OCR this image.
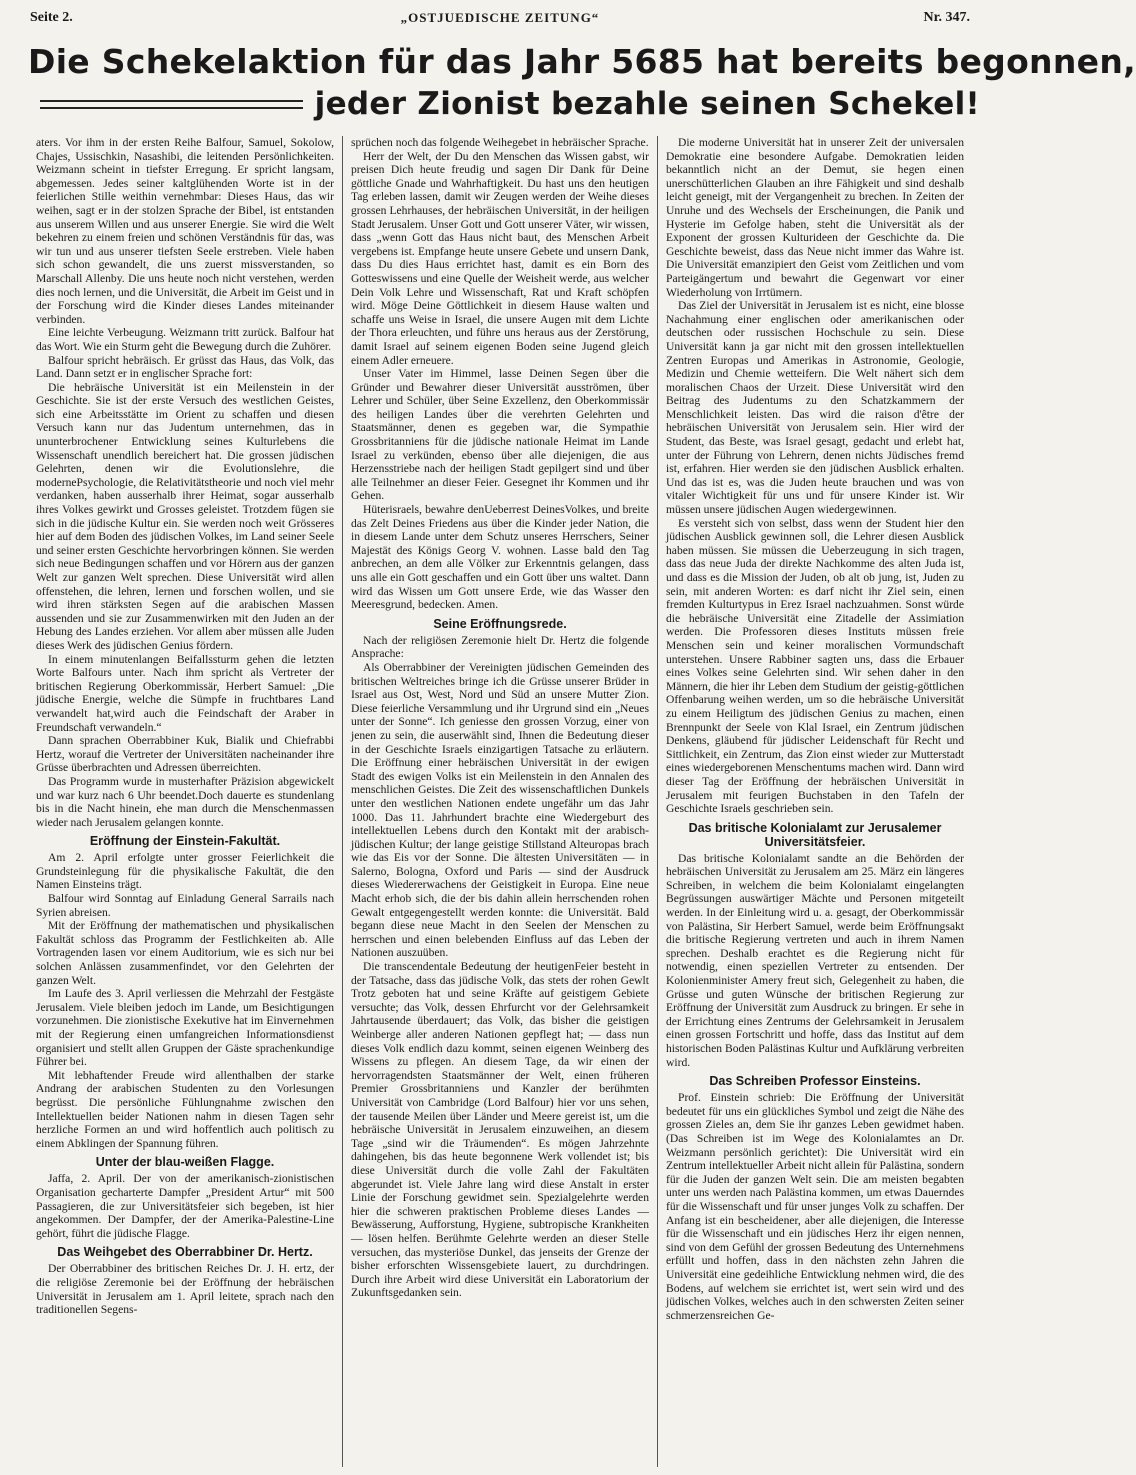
Seite 2.	„OSTJUEDISCHE ZEITUNG“	Nr. 347.
Die Schekelaktion für das Jahr 5685 hat bereits begonnen,
jeder Zionist bezahle seinen Schekel!

aters. Vor ihm in der ersten Reihe Balfour, Samuel, Sokolow, Chajes, Ussischkin, Nasashibi, die leitenden Persönlichkeiten. Weizmann scheint in tiefster Erregung. Er spricht langsam, abgemessen. Jedes seiner kaltglühenden Worte ist in der feierlichen Stille weithin vernehmbar: Dieses Haus, das wir weihen, sagt er in der stolzen Sprache der Bibel, ist entstanden aus unserem Willen und aus unserer Energie. Sie wird die Welt bekehren zu einem freien und schönen Verständnis für das, was wir tun und aus unserer tiefsten Seele erstreben. Viele haben sich schon gewandelt, die uns zuerst missverstanden, so Marschall Allenby. Die uns heute noch nicht verstehen, werden dies noch lernen, und die Universität, die Arbeit im Geist und in der Forschung wird die Kinder dieses Landes miteinander verbinden.

Eine leichte Verbeugung. Weizmann tritt zurück. Balfour hat das Wort. Wie ein Sturm geht die Bewegung durch die Zuhörer.

Balfour spricht hebräisch. Er grüsst das Haus, das Volk, das Land. Dann setzt er in englischer Sprache fort:

Die hebräische Universität ist ein Meilenstein in der Geschichte. Sie ist der erste Versuch des westlichen Geistes, sich eine Arbeitsstätte im Orient zu schaffen und diesen Versuch kann nur das Judentum unternehmen, das in ununterbrochener Entwicklung seines Kulturlebens die Wissenschaft unendlich bereichert hat. Die grossen jüdischen Gelehrten, denen wir die Evolutionslehre, die modernePsychologie, die Relativitätstheorie und noch viel mehr verdanken, haben ausserhalb ihrer Heimat, sogar ausserhalb ihres Volkes gewirkt und Grosses geleistet. Trotzdem fügen sie sich in die jüdische Kultur ein. Sie werden noch weit Grösseres hier auf dem Boden des jüdischen Volkes, im Land seiner Seele und seiner ersten Geschichte hervorbringen können. Sie werden sich neue Bedingungen schaffen und vor Hörern aus der ganzen Welt zur ganzen Welt sprechen. Diese Universität wird allen offenstehen, die lehren, lernen und forschen wollen, und sie wird ihren stärksten Segen auf die arabischen Massen aussenden und sie zur Zusammenwirken mit den Juden an der Hebung des Landes erziehen. Vor allem aber müssen alle Juden dieses Werk des jüdischen Genius fördern.

In einem minutenlangen Beifallssturm gehen die letzten Worte Balfours unter. Nach ihm spricht als Vertreter der britischen Regierung Oberkommissär, Herbert Samuel: „Die jüdische Energie, welche die Sümpfe in fruchtbares Land verwandelt hat,wird auch die Feindschaft der Araber in Freundschaft verwandeln.“

Dann sprachen Oberrabbiner Kuk, Bialik und Chiefrabbi Hertz, worauf die Vertreter der Universitäten nacheinander ihre Grüsse überbrachten und Adressen überreichten.

Das Programm wurde in musterhafter Präzision abgewickelt und war kurz nach 6 Uhr beendet.Doch dauerte es stundenlang bis in die Nacht hinein, ehe man durch die Menschenmassen wieder nach Jerusalem gelangen konnte.

Eröffnung der Einstein-Fakultät.

Am 2. April erfolgte unter grosser Feierlichkeit die Grundsteinlegung für die physikalische Fakultät, die den Namen Einsteins trägt.

Balfour wird Sonntag auf Einladung General Sarrails nach Syrien abreisen.

Mit der Eröffnung der mathematischen und physikalischen Fakultät schloss das Programm der Festlichkeiten ab. Alle Vortragenden lasen vor einem Auditorium, wie es sich nur bei solchen Anlässen zusammenfindet, vor den Gelehrten der ganzen Welt.

Im Laufe des 3. April verliessen die Mehrzahl der Festgäste Jerusalem. Viele bleiben jedoch im Lande, um Besichtigungen vorzunehmen. Die zionistische Exekutive hat im Einvernehmen mit der Regierung einen umfangreichen Informationsdienst organisiert und stellt allen Gruppen der Gäste sprachenkundige Führer bei.

Mit lebhaftender Freude wird allenthalben der starke Andrang der arabischen Studenten zu den Vorlesungen begrüsst. Die persönliche Fühlungnahme zwischen den Intellektuellen beider Nationen nahm in diesen Tagen sehr herzliche Formen an und wird hoffentlich auch politisch zu einem Abklingen der Spannung führen.

Unter der blau-weißen Flagge.

Jaffa, 2. April. Der von der amerikanisch-zionistischen Organisation gecharterte Dampfer „President Artur“ mit 500 Passagieren, die zur Universitätsfeier sich begeben, ist hier angekommen. Der Dampfer, der der Amerika-Palestine-Line gehört, führt die jüdische Flagge.

Das Weihgebet des Oberrabbiner Dr. Hertz.

Der Oberrabbiner des britischen Reiches Dr. J. H. ertz, der die religiöse Zeremonie bei der Eröffnung der hebräischen Universität in Jerusalem am 1. April leitete, sprach nach den traditionellen Segens-

sprüchen noch das folgende Weihegebet in hebräischer Sprache.

Herr der Welt, der Du den Menschen das Wissen gabst, wir preisen Dich heute freudig und sagen Dir Dank für Deine göttliche Gnade und Wahrhaftigkeit. Du hast uns den heutigen Tag erleben lassen, damit wir Zeugen werden der Weihe dieses grossen Lehrhauses, der hebräischen Universität, in der heiligen Stadt Jerusalem. Unser Gott und Gott unserer Väter, wir wissen, dass „wenn Gott das Haus nicht baut, des Menschen Arbeit vergebens ist. Empfange heute unsere Gebete und unsern Dank, dass Du dies Haus errichtet hast, damit es ein Born des Gotteswissens und eine Quelle der Weisheit werde, aus welcher Dein Volk Lehre und Wissenschaft, Rat und Kraft schöpfen wird. Möge Deine Göttlichkeit in diesem Hause walten und schaffe uns Weise in Israel, die unsere Augen mit dem Lichte der Thora erleuchten, und führe uns heraus aus der Zerstörung, damit Israel auf seinem eigenen Boden seine Jugend gleich einem Adler erneuere.

Unser Vater im Himmel, lasse Deinen Segen über die Gründer und Bewahrer dieser Universität ausströmen, über Lehrer und Schüler, über Seine Exzellenz, den Oberkommissär des heiligen Landes über die verehrten Gelehrten und Staatsmänner, denen es gegeben war, die Sympathie Grossbritanniens für die jüdische nationale Heimat im Lande Israel zu verkünden, ebenso über alle diejenigen, die aus Herzensstriebe nach der heiligen Stadt gepilgert sind und über alle Teilnehmer an dieser Feier. Gesegnet ihr Kommen und ihr Gehen.

Hüterisraels, bewahre denUeberrest DeinesVolkes, und breite das Zelt Deines Friedens aus über die Kinder jeder Nation, die in diesem Lande unter dem Schutz unseres Herrschers, Seiner Majestät des Königs Georg V. wohnen. Lasse bald den Tag anbrechen, an dem alle Völker zur Erkenntnis gelangen, dass uns alle ein Gott geschaffen und ein Gott über uns waltet. Dann wird das Wissen um Gott unsere Erde, wie das Wasser den Meeresgrund, bedecken. Amen.

Seine Eröffnungsrede.

Nach der religiösen Zeremonie hielt Dr. Hertz die folgende Ansprache:

Als Oberrabbiner der Vereinigten jüdischen Gemeinden des britischen Weltreiches bringe ich die Grüsse unserer Brüder in Israel aus Ost, West, Nord und Süd an unsere Mutter Zion. Diese feierliche Versammlung und ihr Urgrund sind ein „Neues unter der Sonne“. Ich geniesse den grossen Vorzug, einer von jenen zu sein, die auserwählt sind, Ihnen die Bedeutung dieser in der Geschichte Israels einzigartigen Tatsache zu erläutern. Die Eröffnung einer hebräischen Universität in der ewigen Stadt des ewigen Volks ist ein Meilenstein in den Annalen des menschlichen Geistes. Die Zeit des wissenschaftlichen Dunkels unter den westlichen Nationen endete ungefähr um das Jahr 1000. Das 11. Jahrhundert brachte eine Wiedergeburt des intellektuellen Lebens durch den Kontakt mit der arabisch-jüdischen Kultur; der lange geistige Stillstand Alteuropas brach wie das Eis vor der Sonne. Die ältesten Universitäten — in Salerno, Bologna, Oxford und Paris — sind der Ausdruck dieses Wiedererwachens der Geistigkeit in Europa. Eine neue Macht erhob sich, die der bis dahin allein herrschenden rohen Gewalt entgegengestellt werden konnte: die Universität. Bald begann diese neue Macht in den Seelen der Menschen zu herrschen und einen belebenden Einfluss auf das Leben der Nationen auszuüben.

Die transcendentale Bedeutung der heutigenFeier besteht in der Tatsache, dass das jüdische Volk, das stets der rohen Gewlt Trotz geboten hat und seine Kräfte auf geistigem Gebiete versuchte; das Volk, dessen Ehrfurcht vor der Gelehrsamkeit Jahrtausende überdauert; das Volk, das bisher die geistigen Weinberge aller anderen Nationen gepflegt hat; — dass nun dieses Volk endlich dazu kommt, seinen eigenen Weinberg des Wissens zu pflegen. An diesem Tage, da wir einen der hervorragendsten Staatsmänner der Welt, einen früheren Premier Grossbritanniens und Kanzler der berühmten Universität von Cambridge (Lord Balfour) hier vor uns sehen, der tausende Meilen über Länder und Meere gereist ist, um die hebräische Universität in Jerusalem einzuweihen, an diesem Tage „sind wir die Träumenden“. Es mögen Jahrzehnte dahingehen, bis das heute begonnene Werk vollendet ist; bis diese Universität durch die volle Zahl der Fakultäten abgerundet ist. Viele Jahre lang wird diese Anstalt in erster Linie der Forschung gewidmet sein. Spezialgelehrte werden hier die schweren praktischen Probleme dieses Landes — Bewässerung, Aufforstung, Hygiene, subtropische Krankheiten — lösen helfen. Berühmte Gelehrte werden an dieser Stelle versuchen, das mysteriöse Dunkel, das jenseits der Grenze der bisher erforschten Wissensgebiete lauert, zu durchdringen. Durch ihre Arbeit wird diese Universität ein Laboratorium der Zukunftsgedanken sein.

Die moderne Universität hat in unserer Zeit der universalen Demokratie eine besondere Aufgabe. Demokratien leiden bekanntlich nicht an der Demut, sie hegen einen unerschütterlichen Glauben an ihre Fähigkeit und sind deshalb leicht geneigt, mit der Vergangenheit zu brechen. In Zeiten der Unruhe und des Wechsels der Erscheinungen, die Panik und Hysterie im Gefolge haben, steht die Universität als der Exponent der grossen Kulturideen der Geschichte da. Die Geschichte beweist, dass das Neue nicht immer das Wahre ist. Die Universität emanzipiert den Geist vom Zeitlichen und vom Parteigängertum und bewahrt die Gegenwart vor einer Wiederholung von Irrtümern.

Das Ziel der Universität in Jerusalem ist es nicht, eine blosse Nachahmung einer englischen oder amerikanischen oder deutschen oder russischen Hochschule zu sein. Diese Universität kann ja gar nicht mit den grossen intellektuellen Zentren Europas und Amerikas in Astronomie, Geologie, Medizin und Chemie wetteifern. Die Welt nähert sich dem moralischen Chaos der Urzeit. Diese Universität wird den Beitrag des Judentums zu den Schatzkammern der Menschlichkeit leisten. Das wird die raison d'être der hebräischen Universität von Jerusalem sein. Hier wird der Student, das Beste, was Israel gesagt, gedacht und erlebt hat, unter der Führung von Lehrern, denen nichts Jüdisches fremd ist, erfahren. Hier werden sie den jüdischen Ausblick erhalten. Und das ist es, was die Juden heute brauchen und was von vitaler Wichtigkeit für uns und für unsere Kinder ist. Wir müssen unsere jüdischen Augen wiedergewinnen.

Es versteht sich von selbst, dass wenn der Student hier den jüdischen Ausblick gewinnen soll, die Lehrer diesen Ausblick haben müssen. Sie müssen die Ueberzeugung in sich tragen, dass das neue Juda der direkte Nachkomme des alten Juda ist, und dass es die Mission der Juden, ob alt ob jung, ist, Juden zu sein, mit anderen Worten: es darf nicht ihr Ziel sein, einen fremden Kulturtypus in Erez Israel nachzuahmen. Sonst würde die hebräische Universität eine Zitadelle der Assimiation werden. Die Professoren dieses Instituts müssen freie Menschen sein und keiner moralischen Vormundschaft unterstehen. Unsere Rabbiner sagten uns, dass die Erbauer eines Volkes seine Gelehrten sind. Wir sehen daher in den Männern, die hier ihr Leben dem Studium der geistig-göttlichen Offenbarung weihen werden, um so die hebräische Universität zu einem Heiligtum des jüdischen Genius zu machen, einen Brennpunkt der Seele von Klal Israel, ein Zentrum jüdischen Denkens, gläubend für jüdischer Leidenschaft für Recht und Sittlichkeit, ein Zentrum, das Zion einst wieder zur Mutterstadt eines wiedergeborenen Menschentums machen wird. Dann wird dieser Tag der Eröffnung der hebräischen Universität in Jerusalem mit feurigen Buchstaben in den Tafeln der Geschichte Israels geschrieben sein.

Das britische Kolonialamt zur Jerusalemer Universitätsfeier.

Das britische Kolonialamt sandte an die Behörden der hebräischen Universität zu Jerusalem am 25. März ein längeres Schreiben, in welchem die beim Kolonialamt eingelangten Begrüssungen auswärtiger Mächte und Personen mitgeteilt werden. In der Einleitung wird u. a. gesagt, der Oberkommissär von Palästina, Sir Herbert Samuel, werde beim Eröffnungsakt die britische Regierung vertreten und auch in ihrem Namen sprechen. Deshalb erachtet es die Regierung nicht für notwendig, einen speziellen Vertreter zu entsenden. Der Kolonienminister Amery freut sich, Gelegenheit zu haben, die Grüsse und guten Wünsche der britischen Regierung zur Eröffnung der Universität zum Ausdruck zu bringen. Er sehe in der Errichtung eines Zentrums der Gelehrsamkeit in Jerusalem einen grossen Fortschritt und hoffe, dass das Institut auf dem historischen Boden Palästinas Kultur und Aufklärung verbreiten wird.

Das Schreiben Professor Einsteins.

Prof. Einstein schrieb: Die Eröffnung der Universität bedeutet für uns ein glückliches Symbol und zeigt die Nähe des grossen Zieles an, dem Sie ihr ganzes Leben gewidmet haben. (Das Schreiben ist im Wege des Kolonialamtes an Dr. Weizmann persönlich gerichtet): Die Universität wird ein Zentrum intellektueller Arbeit nicht allein für Palästina, sondern für die Juden der ganzen Welt sein. Die am meisten begabten unter uns werden nach Palästina kommen, um etwas Dauerndes für die Wissenschaft und für unser junges Volk zu schaffen. Der Anfang ist ein bescheidener, aber alle diejenigen, die Interesse für die Wissenschaft und ein jüdisches Herz ihr eigen nennen, sind von dem Gefühl der grossen Bedeutung des Unternehmens erfüllt und hoffen, dass in den nächsten zehn Jahren die Universität eine gedeihliche Entwicklung nehmen wird, die des Bodens, auf welchem sie errichtet ist, wert sein wird und des jüdischen Volkes, welches auch in den schwersten Zeiten seiner schmerzensreichen Ge-
